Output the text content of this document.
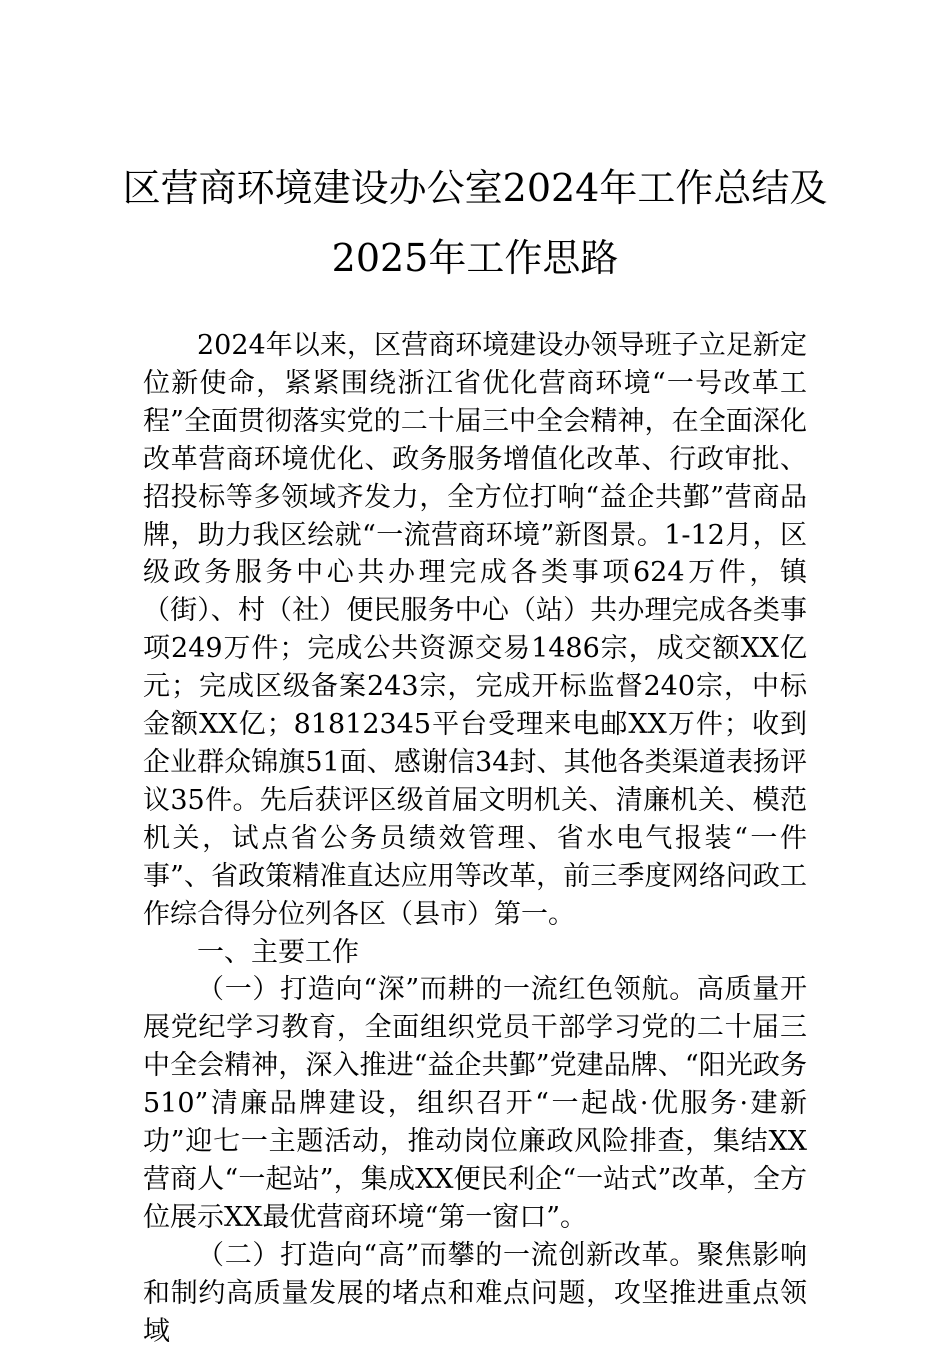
区营商环境建设办公室2024年工作总结及
2025年工作思路

2024年以来，区营商环境建设办领导班子立足新定位新使命，紧紧围绕浙江省优化营商环境“一号改革工程”全面贯彻落实党的二十届三中全会精神，在全面深化改革营商环境优化、政务服务增值化改革、行政审批、招投标等多领域齐发力，全方位打响“益企共鄞”营商品牌，助力我区绘就“一流营商环境”新图景。1-12月，区级政务服务中心共办理完成各类事项624万件，镇（街）、村（社）便民服务中心（站）共办理完成各类事项249万件；完成公共资源交易1486宗，成交额XX亿元；完成区级备案243宗，完成开标监督240宗，中标金额XX亿；81812345平台受理来电邮XX万件；收到企业群众锦旗51面、感谢信34封、其他各类渠道表扬评议35件。先后获评区级首届文明机关、清廉机关、模范机关，试点省公务员绩效管理、省水电气报装“一件事”、省政策精准直达应用等改革，前三季度网络问政工作综合得分位列各区（县市）第一。

一、主要工作

（一）打造向“深”而耕的一流红色领航。高质量开展党纪学习教育，全面组织党员干部学习党的二十届三中全会精神，深入推进“益企共鄞”党建品牌、“阳光政务510”清廉品牌建设，组织召开“一起战·优服务·建新功”迎七一主题活动，推动岗位廉政风险排查，集结XX营商人“一起站”，集成XX便民利企“一站式”改革，全方位展示XX最优营商环境“第一窗口”。

（二）打造向“高”而攀的一流创新改革。聚焦影响和制约高质量发展的堵点和难点问题，攻坚推进重点领域
